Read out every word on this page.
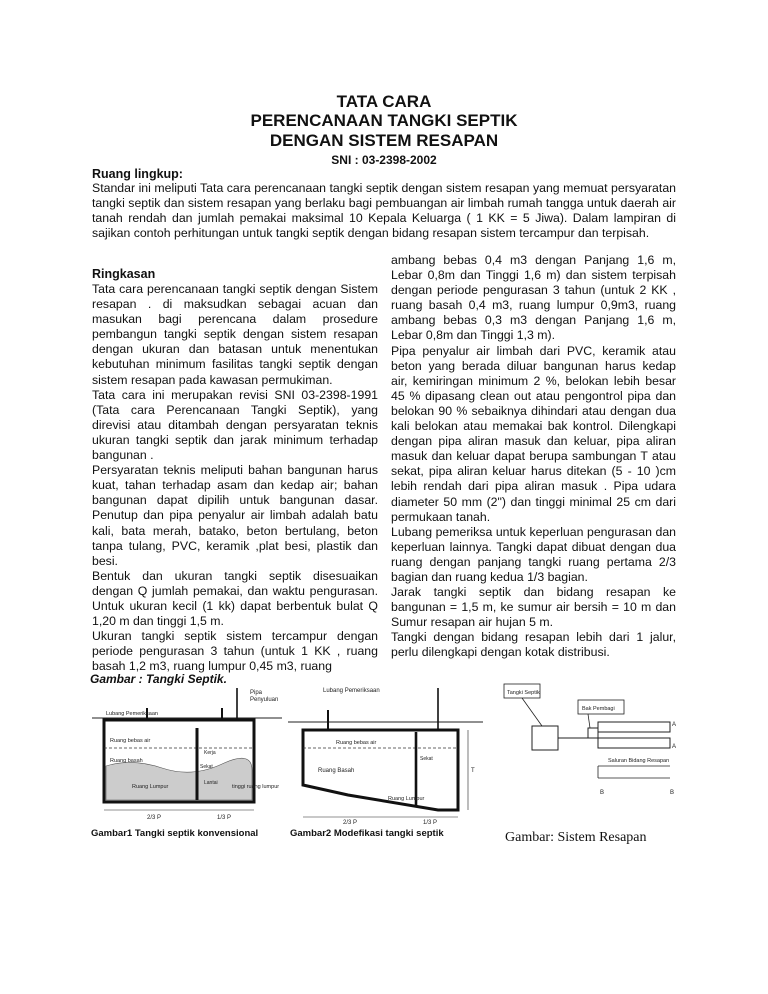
TATA CARA
PERENCANAAN TANGKI SEPTIK
DENGAN SISTEM RESAPAN
SNI : 03-2398-2002
Ruang lingkup:

Standar ini meliputi Tata cara perencanaan tangki septik dengan sistem resapan yang memuat persyaratan tangki septik dan sistem resapan yang berlaku bagi pembuangan air limbah rumah tangga untuk daerah air tanah rendah dan jumlah pemakai maksimal 10 Kepala Keluarga ( 1 KK = 5 Jiwa). Dalam lampiran di sajikan contoh perhitungan untuk tangki septik dengan bidang resapan sistem tercampur dan terpisah.

Ringkasan

Tata cara perencanaan tangki septik dengan Sistem resapan . di maksudkan sebagai acuan dan masukan bagi perencana dalam prosedure pembangun tangki septik dengan sistem resapan dengan ukuran dan batasan untuk menentukan kebutuhan minimum fasilitas tangki septik dengan sistem resapan pada kawasan permukiman.

Tata cara ini merupakan revisi SNI 03-2398-1991 (Tata cara Perencanaan Tangki Septik), yang direvisi atau ditambah dengan persyaratan teknis ukuran tangki septik dan jarak minimum terhadap bangunan .

Persyaratan teknis meliputi bahan bangunan harus kuat, tahan terhadap asam dan kedap air; bahan bangunan dapat dipilih untuk bangunan dasar. Penutup dan pipa penyalur air limbah adalah batu kali, bata merah, batako, beton bertulang, beton tanpa tulang, PVC, keramik ,plat besi, plastik dan besi.

Bentuk dan ukuran tangki septik disesuaikan dengan Q jumlah pemakai, dan waktu pengurasan. Untuk ukuran kecil (1 kk) dapat berbentuk bulat Q 1,20 m dan tinggi 1,5 m.

Ukuran tangki septik sistem tercampur dengan periode pengurasan 3 tahun (untuk 1 KK , ruang basah 1,2 m3, ruang lumpur 0,45 m3, ruang

ambang bebas 0,4 m3 dengan Panjang 1,6 m, Lebar 0,8m dan Tinggi 1,6 m) dan sistem terpisah dengan periode pengurasan 3 tahun (untuk 2 KK , ruang basah 0,4 m3, ruang lumpur 0,9m3, ruang ambang bebas 0,3 m3 dengan Panjang 1,6 m, Lebar 0,8m dan Tinggi 1,3 m).

Pipa penyalur air limbah dari PVC, keramik atau beton yang berada diluar bangunan harus kedap air, kemiringan minimum 2 %, belokan lebih besar 45 % dipasang clean out atau pengontrol pipa dan belokan 90 % sebaiknya dihindari atau dengan dua kali belokan atau memakai bak kontrol. Dilengkapi dengan pipa aliran masuk dan keluar, pipa aliran masuk dan keluar dapat berupa sambungan T atau sekat, pipa aliran keluar harus ditekan (5 - 10 )cm lebih rendah dari pipa aliran masuk . Pipa udara diameter 50 mm (2") dan tinggi minimal 25 cm dari permukaan tanah.

Lubang pemeriksa untuk keperluan pengurasan dan keperluan lainnya. Tangki dapat dibuat dengan dua ruang dengan panjang tangki ruang pertama 2/3 bagian dan ruang kedua 1/3 bagian.

Jarak tangki septik dan bidang resapan ke bangunan = 1,5 m, ke sumur air bersih = 10 m dan Sumur resapan air hujan 5 m.

Tangki dengan bidang resapan lebih dari 1 jalur, perlu dilengkapi dengan kotak distribusi.

Gambar : Tangki Septik.
Pipa
Penyuluan
Lubang Pemeriksaan
Ruang bebas air
Ruang basah
Kerja
Ruang Lumpur
Sekat
Lantai
tinggi ruang lumpur
2/3 P	1/3 P
Gambar1 Tangki septik konvensional
Lubang Pemeriksaan
Ruang bebas air
Ruang Basah
Sekat
Ruang Lumpur
2/3 P	1/3 P
T
Gambar2 Modefikasi tangki septik
Tangki Septik
Bak Pembagi
A
A
Saluran Bidang Resapan
B	B
Gambar: Sistem Resapan
